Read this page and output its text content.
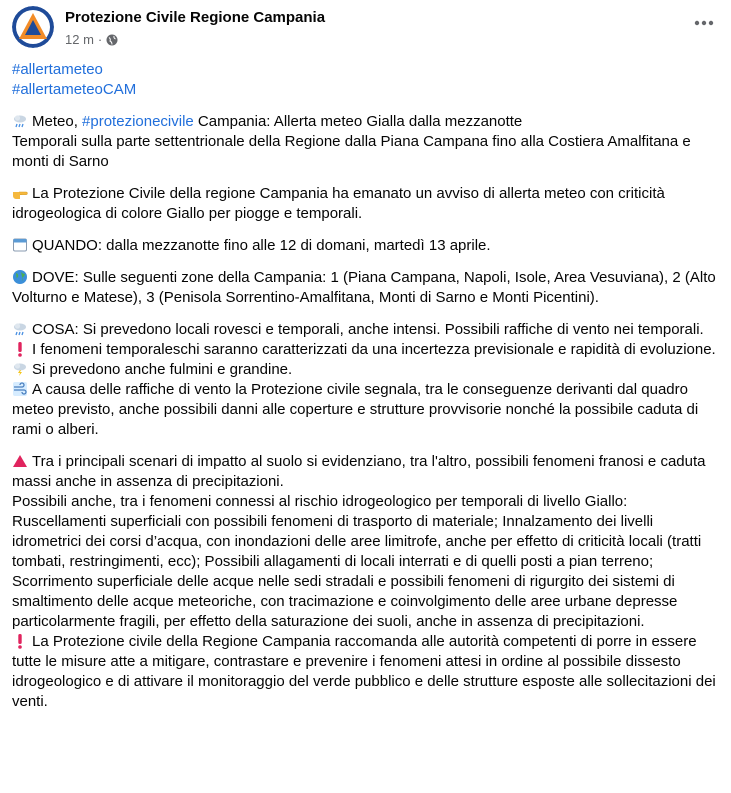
Protezione Civile Regione Campania
12 m ·

#allertameteo

#allertameteoCAM

Meteo, #protezionecivile Campania: Allerta meteo Gialla dalla mezzanotte

Temporali sulla parte settentrionale della Regione dalla Piana Campana fino alla Costiera Amalfitana e monti di Sarno

La Protezione Civile della regione Campania ha emanato un avviso di allerta meteo con criticità idrogeologica di colore Giallo per piogge e temporali.

QUANDO: dalla mezzanotte fino alle 12 di domani, martedì 13 aprile.

DOVE: Sulle seguenti zone della Campania: 1 (Piana Campana, Napoli, Isole, Area Vesuviana), 2 (Alto Volturno e Matese), 3 (Penisola Sorrentino-Amalfitana, Monti di Sarno e Monti Picentini).

COSA: Si prevedono locali rovesci e temporali, anche intensi. Possibili raffiche di vento nei temporali.

I fenomeni temporaleschi saranno caratterizzati da una incertezza previsionale e rapidità di evoluzione.

Si prevedono anche fulmini e grandine.

A causa delle raffiche di vento la Protezione civile segnala, tra le conseguenze derivanti dal quadro meteo previsto, anche possibili danni alle coperture e strutture provvisorie nonché la possibile caduta di rami o alberi.

Tra i principali scenari di impatto al suolo si evidenziano, tra l'altro, possibili fenomeni franosi e caduta massi anche in assenza di precipitazioni.

Possibili anche, tra i fenomeni connessi al rischio idrogeologico per temporali di livello Giallo: Ruscellamenti superficiali con possibili fenomeni di trasporto di materiale; Innalzamento dei livelli idrometrici dei corsi d’acqua, con inondazioni delle aree limitrofe, anche per effetto di criticità locali (tratti tombati, restringimenti, ecc); Possibili allagamenti di locali interrati e di quelli posti a pian terreno; Scorrimento superficiale delle acque nelle sedi stradali e possibili fenomeni di rigurgito dei sistemi di smaltimento delle acque meteoriche, con tracimazione e coinvolgimento delle aree urbane depresse particolarmente fragili, per effetto della saturazione dei suoli, anche in assenza di precipitazioni.

La Protezione civile della Regione Campania raccomanda alle autorità competenti di porre in essere tutte le misure atte a mitigare, contrastare e prevenire i fenomeni attesi in ordine al possibile dissesto idrogeologico e di attivare il monitoraggio del verde pubblico e delle strutture esposte alle sollecitazioni dei venti.
